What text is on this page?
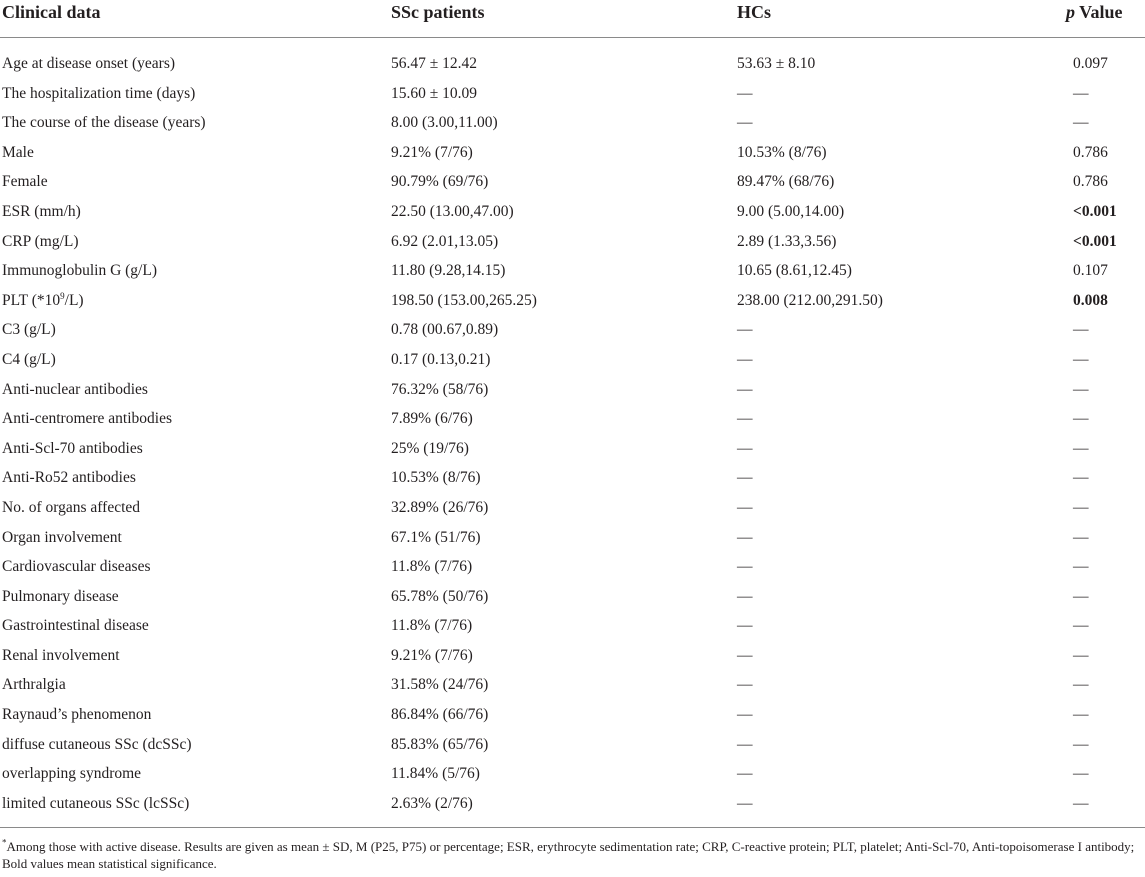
Clinical data	SSc patients	HCs	p Value
Age at disease onset (years)	56.47 ± 12.42	53.63 ± 8.10	0.097
The hospitalization time (days)	15.60 ± 10.09	—	—
The course of the disease (years)	8.00 (3.00,11.00)	—	—
Male	9.21% (7/76)	10.53% (8/76)	0.786
Female	90.79% (69/76)	89.47% (68/76)	0.786
ESR (mm/h)	22.50 (13.00,47.00)	9.00 (5.00,14.00)	<0.001
CRP (mg/L)	6.92 (2.01,13.05)	2.89 (1.33,3.56)	<0.001
Immunoglobulin G (g/L)	11.80 (9.28,14.15)	10.65 (8.61,12.45)	0.107
PLT $(*10^9/L)$	198.50 (153.00,265.25)	238.00 (212.00,291.50)	0.008
C3 (g/L)	0.78 (00.67,0.89)	—	—
C4 (g/L)	0.17 (0.13,0.21)	—	—
Anti-nuclear antibodies	76.32% (58/76)	—	—
Anti-centromere antibodies	7.89% (6/76)	—	—
Anti-Scl-70 antibodies	25% (19/76)	—	—
Anti-Ro52 antibodies	10.53% (8/76)	—	—
No. of organs affected	32.89% (26/76)	—	—
Organ involvement	67.1% (51/76)	—	—
Cardiovascular diseases	11.8% (7/76)	—	—
Pulmonary disease	65.78% (50/76)	—	—
Gastrointestinal disease	11.8% (7/76)	—	—
Renal involvement	9.21% (7/76)	—	—
Arthralgia	31.58% (24/76)	—	—
Raynaud’s phenomenon	86.84% (66/76)	—	—
diffuse cutaneous SSc (dcSSc)	85.83% (65/76)	—	—
overlapping syndrome	11.84% (5/76)	—	—
limited cutaneous SSc (lcSSc)	2.63% (2/76)	—	—
*Among those with active disease. Results are given as mean ± SD, M (P25, P75) or percentage; ESR, erythrocyte sedimentation rate; CRP, C-reactive protein; PLT, platelet; Anti-Scl-70, Anti-topoisomerase I antibody; Bold values mean statistical significance.
